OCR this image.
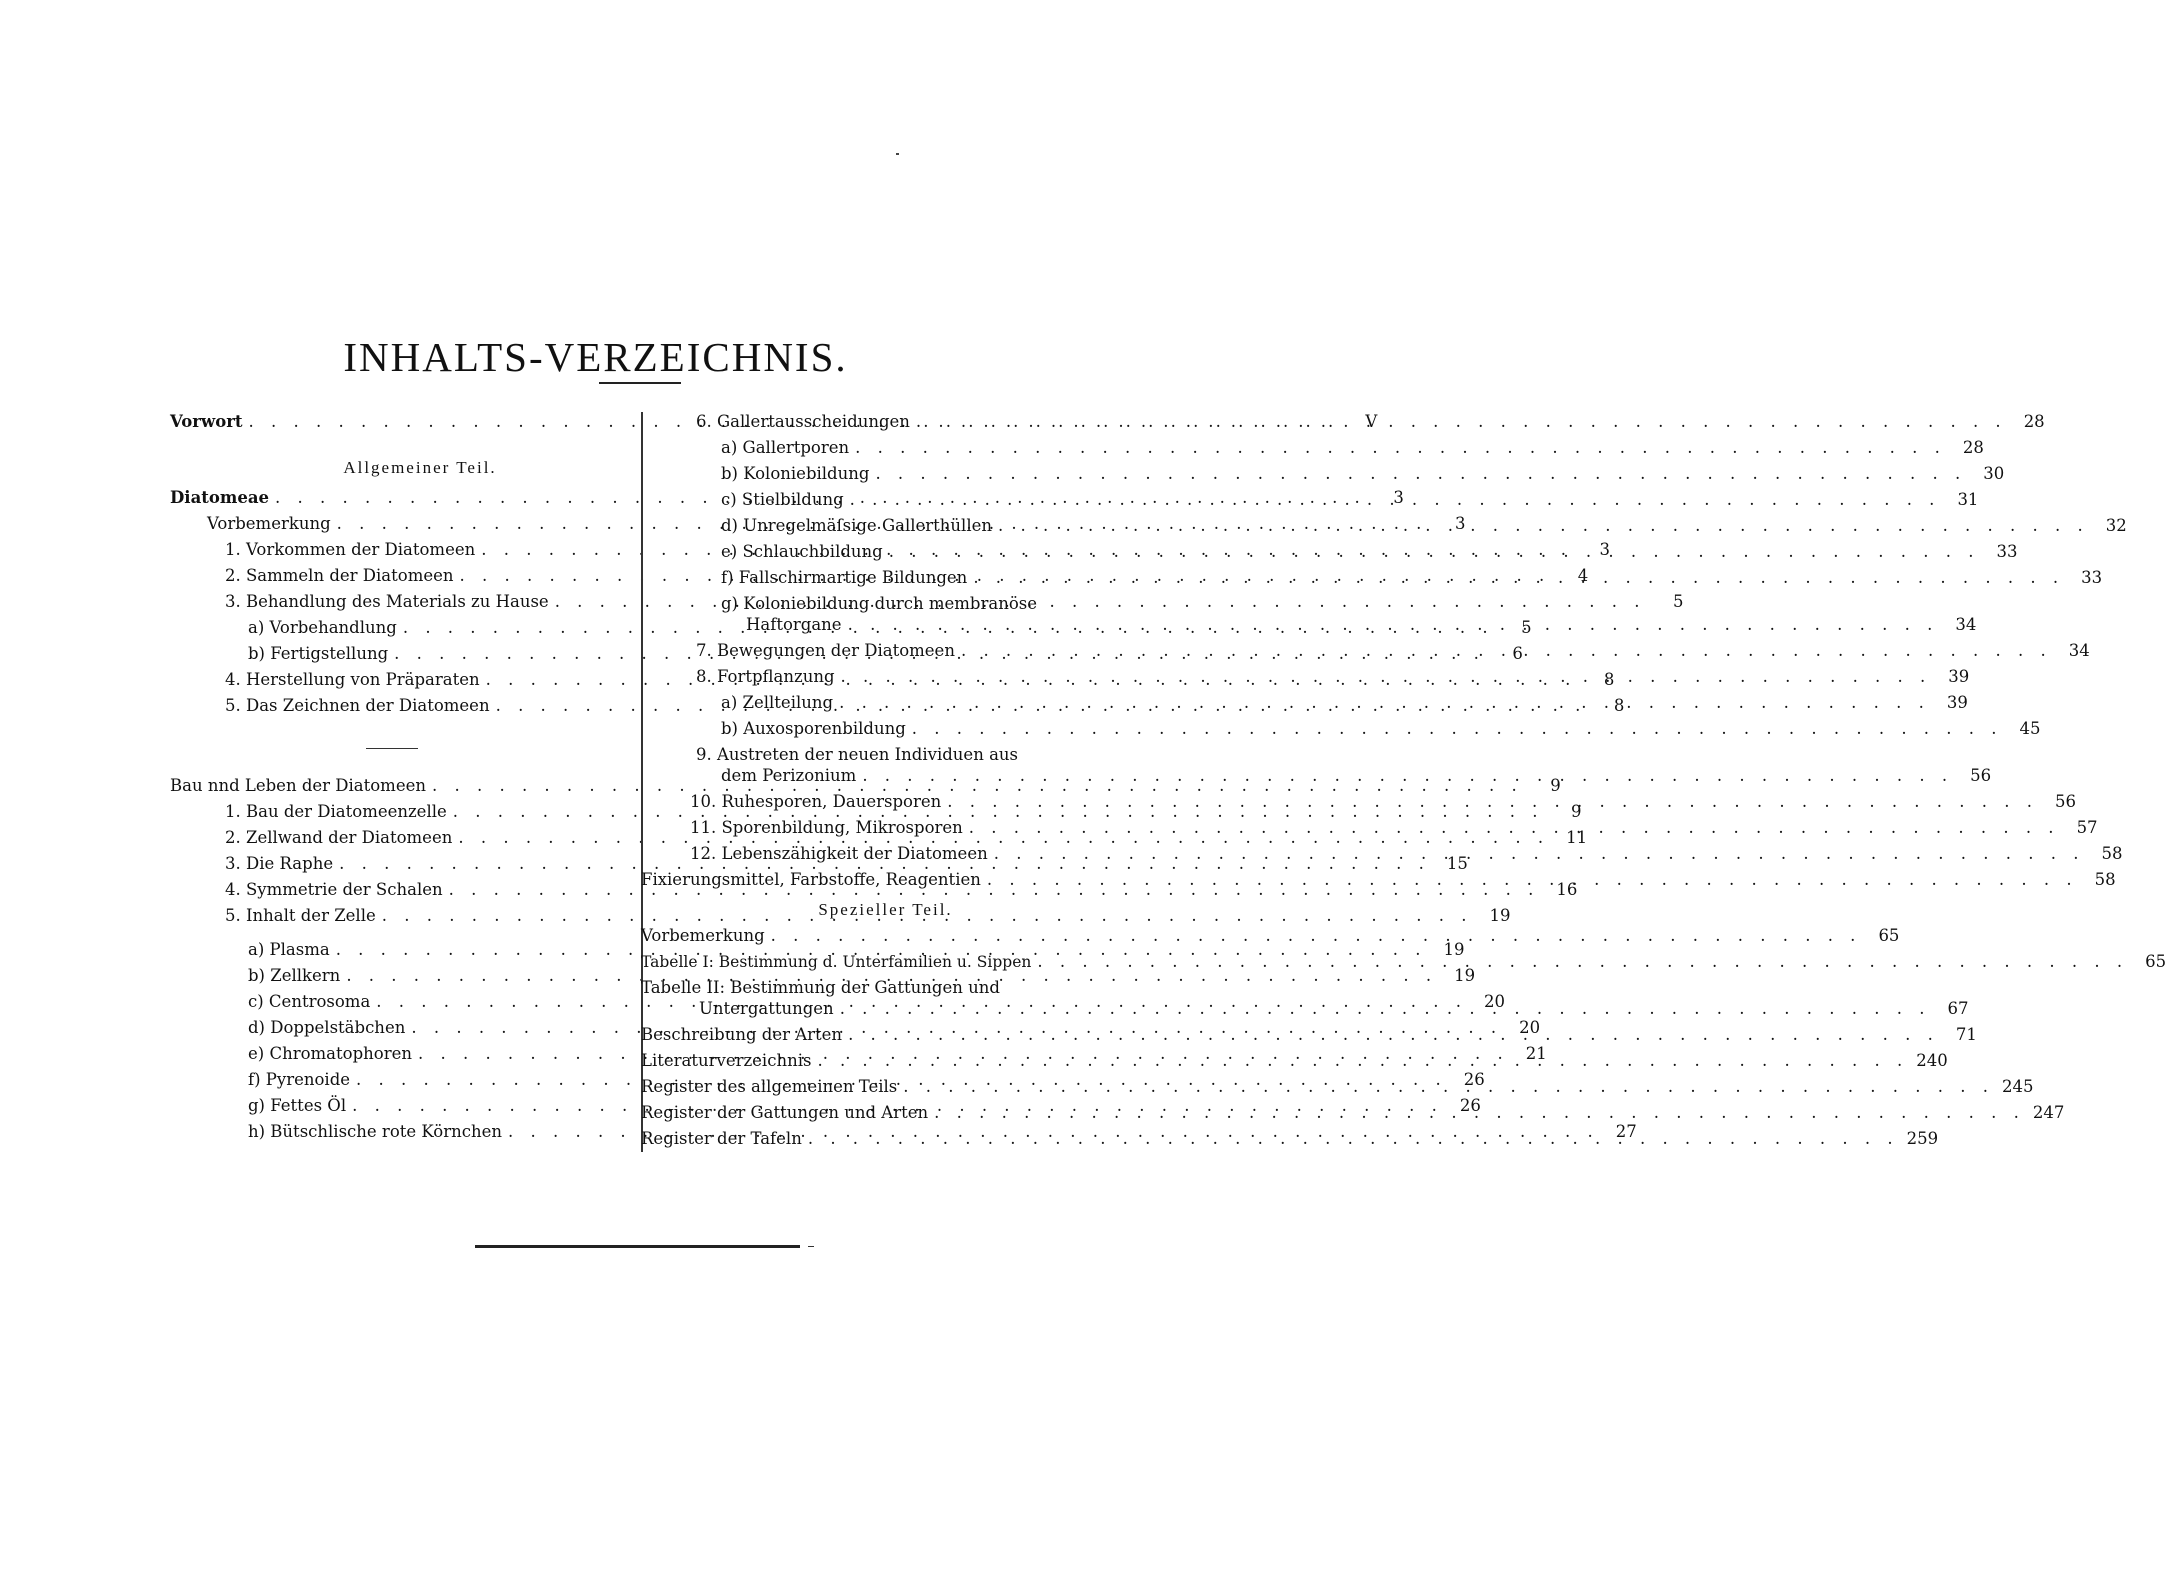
INHALTS-VERZEICHNIS.
Vorwort . . .	V
Allgemeiner Teil.
Diatomeae . . .	3
Vorbemerkung . . .	3
1. Vorkommen der Diatomeen . . .	3
2. Sammeln der Diatomeen . . .	4
3. Behandlung des Materials zu Hause . . .	5
a) Vorbehandlung . . .	5
b) Fertigstellung . . .	6
4. Herstellung von Präparaten . . .	8
5. Das Zeichnen der Diatomeen . . .	8
Bau nnd Leben der Diatomeen . . .	9
1. Bau der Diatomeenzelle . . .	9
2. Zellwand der Diatomeen . . .	11
3. Die Raphe . . .	15
4. Symmetrie der Schalen . . .	16
5. Inhalt der Zelle . . .	19
a) Plasma . . .	19
b) Zellkern . . .	19
c) Centrosoma . . .	20
d) Doppelstäbchen . . .	20
e) Chromatophoren . . .	21
f) Pyrenoide . . .	26
g) Fettes Öl . . .	26
h) Bütschlische rote Körnchen . . .	27
6. Gallertausscheidungen . . .	28
a) Gallertporen . . .	28
b) Koloniebildung . . .	30
c) Stielbildung . . .	31
d) Unregelmäſsige Gallerthüllen . . .	32
e) Schlauchbildung . . .	33
f) Fallschirmartige Bildungen . . .	33
g) Koloniebildung durch membranöse
Haftorgane . . .	34
7. Bewegungen der Diatomeen . . .	34
8. Fortpflanzung . . .	39
a) Zellteilung . . .	39
b) Auxosporenbildung . . .	45
9. Austreten der neuen Individuen aus
dem Perizonium . . .	56
10. Ruhesporen, Dauersporen . . .	56
11. Sporenbildung, Mikrosporen . . .	57
12. Lebenszähigkeit der Diatomeen . . .	58
Fixierungsmittel, Farbstoffe, Reagentien . . .	58
Spezieller Teil.
Vorbemerkung . . .	65
Tabelle I: Bestimmung d. Unterfamilien u. Sippen . . .	65
Tabelle II: Bestimmung der Gattungen und
Untergattungen . . .	67
Beschreibung der Arten . . .	71
Literaturverzeichnis . . .	240
Register des allgemeinen Teils . . .	245
Register der Gattungen und Arten . . .	247
Register der Tafeln . . .	259
